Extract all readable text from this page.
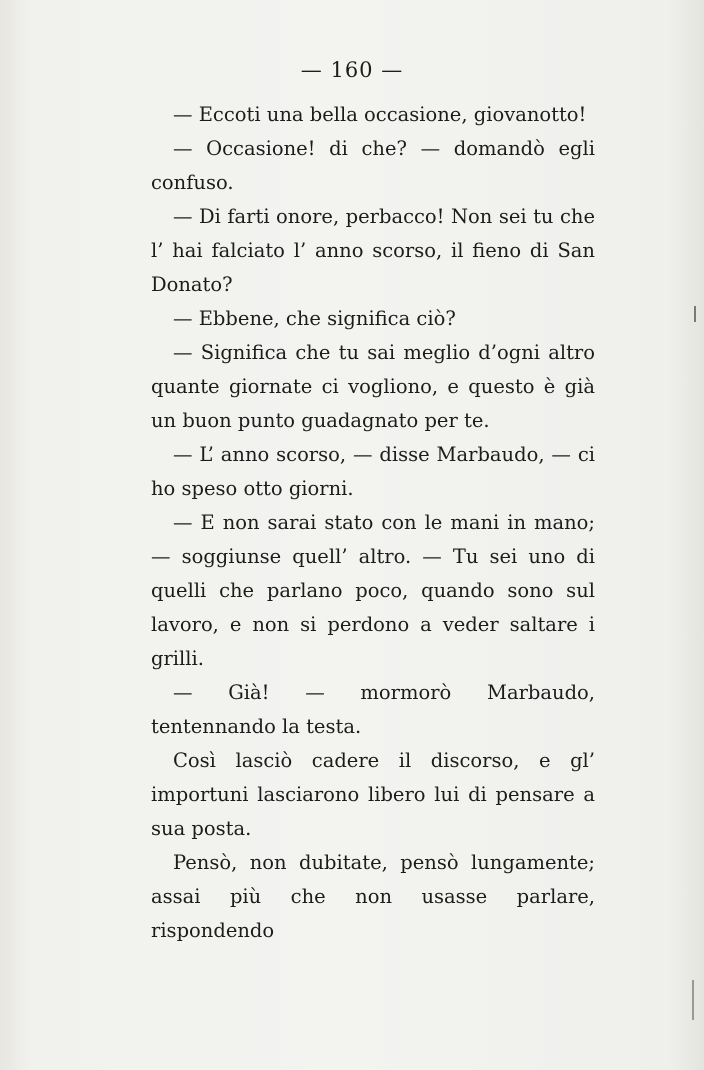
— 160 —

— Eccoti una bella occasione, giovanotto!

— Occasione! di che? — domandò egli confuso.

— Di farti onore, perbacco! Non sei tu che l’ hai falciato l’ anno scorso, il fieno di San Donato?

— Ebbene, che significa ciò?

— Significa che tu sai meglio d’ogni altro quante giornate ci vogliono, e questo è già un buon punto guadagnato per te.

— L’ anno scorso, — disse Marbaudo, — ci ho speso otto giorni.

— E non sarai stato con le mani in mano; — soggiunse quell’ altro. — Tu sei uno di quelli che parlano poco, quando sono sul lavoro, e non si perdono a veder saltare i grilli.

— Già! — mormorò Marbaudo, tentennando la testa.

Così lasciò cadere il discorso, e gl’ importuni lasciarono libero lui di pensare a sua posta.

Pensò, non dubitate, pensò lungamente; assai più che non usasse parlare, rispondendo
